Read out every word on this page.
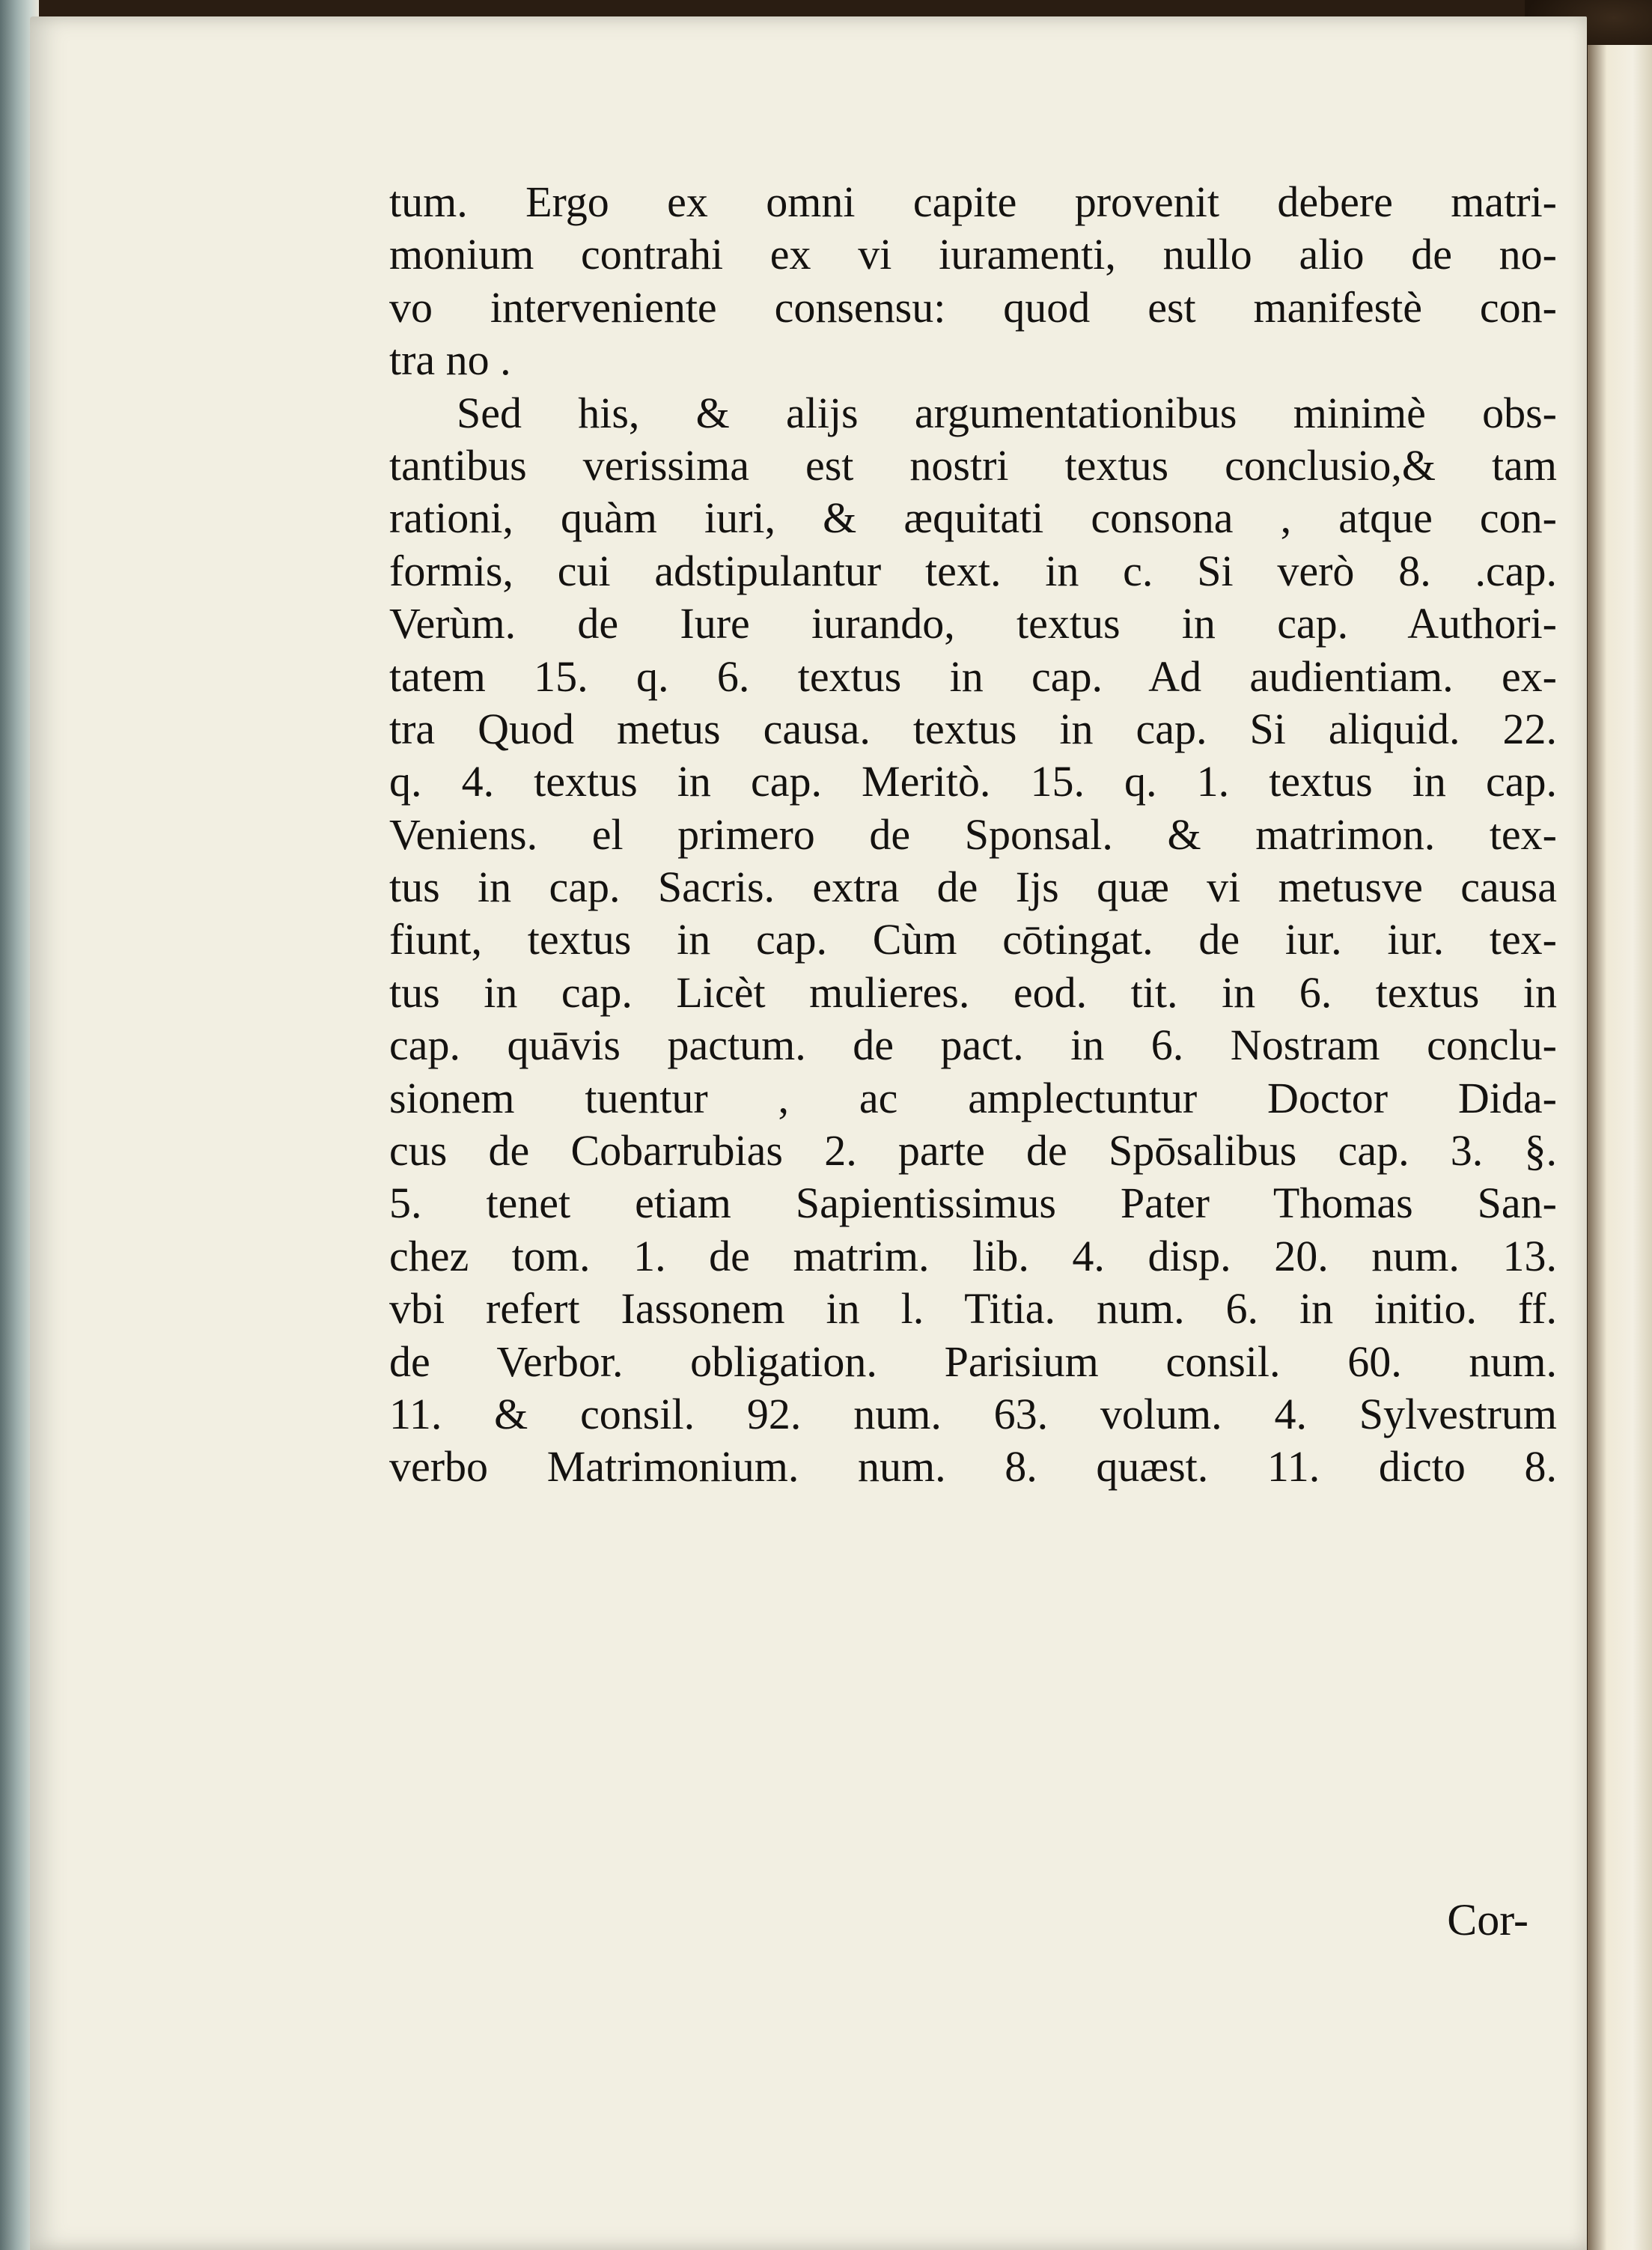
tum. Ergo ex omni capite provenit debere matri-
monium contrahi ex vi iuramenti, nullo alio de no-
vo interveniente consensu: quod est manifestè con-
tra no .
Sed his, & alijs argumentationibus minimè obs-
tantibus verissima est nostri textus conclusio,& tam
rationi, quàm iuri, & æquitati consona , atque con-
formis, cui adstipulantur text. in c. Si verò 8. .cap.
Verùm. de Iure iurando, textus in cap. Authori-
tatem 15. q. 6. textus in cap. Ad audientiam. ex-
tra Quod metus causa. textus in cap. Si aliquid. 22.
q. 4. textus in cap. Meritò. 15. q. 1. textus in cap.
Veniens. el primero de Sponsal. & matrimon. tex-
tus in cap. Sacris. extra de Ijs quæ vi metusve causa
fiunt, textus in cap. Cùm cōtingat. de iur. iur. tex-
tus in cap. Licèt mulieres. eod. tit. in 6. textus in
cap. quāvis pactum. de pact. in 6. Nostram conclu-
sionem tuentur , ac amplectuntur Doctor Dida-
cus de Cobarrubias 2. parte de Spōsalibus cap. 3. §.
5. tenet etiam Sapientissimus Pater Thomas San-
chez tom. 1. de matrim. lib. 4. disp. 20. num. 13.
vbi refert Iassonem in l. Titia. num. 6. in initio. ff.
de Verbor. obligation. Parisium consil. 60. num.
11. & consil. 92. num. 63. volum. 4. Sylvestrum
verbo Matrimonium. num. 8. quæst. 11. dicto 8.
Cor-
